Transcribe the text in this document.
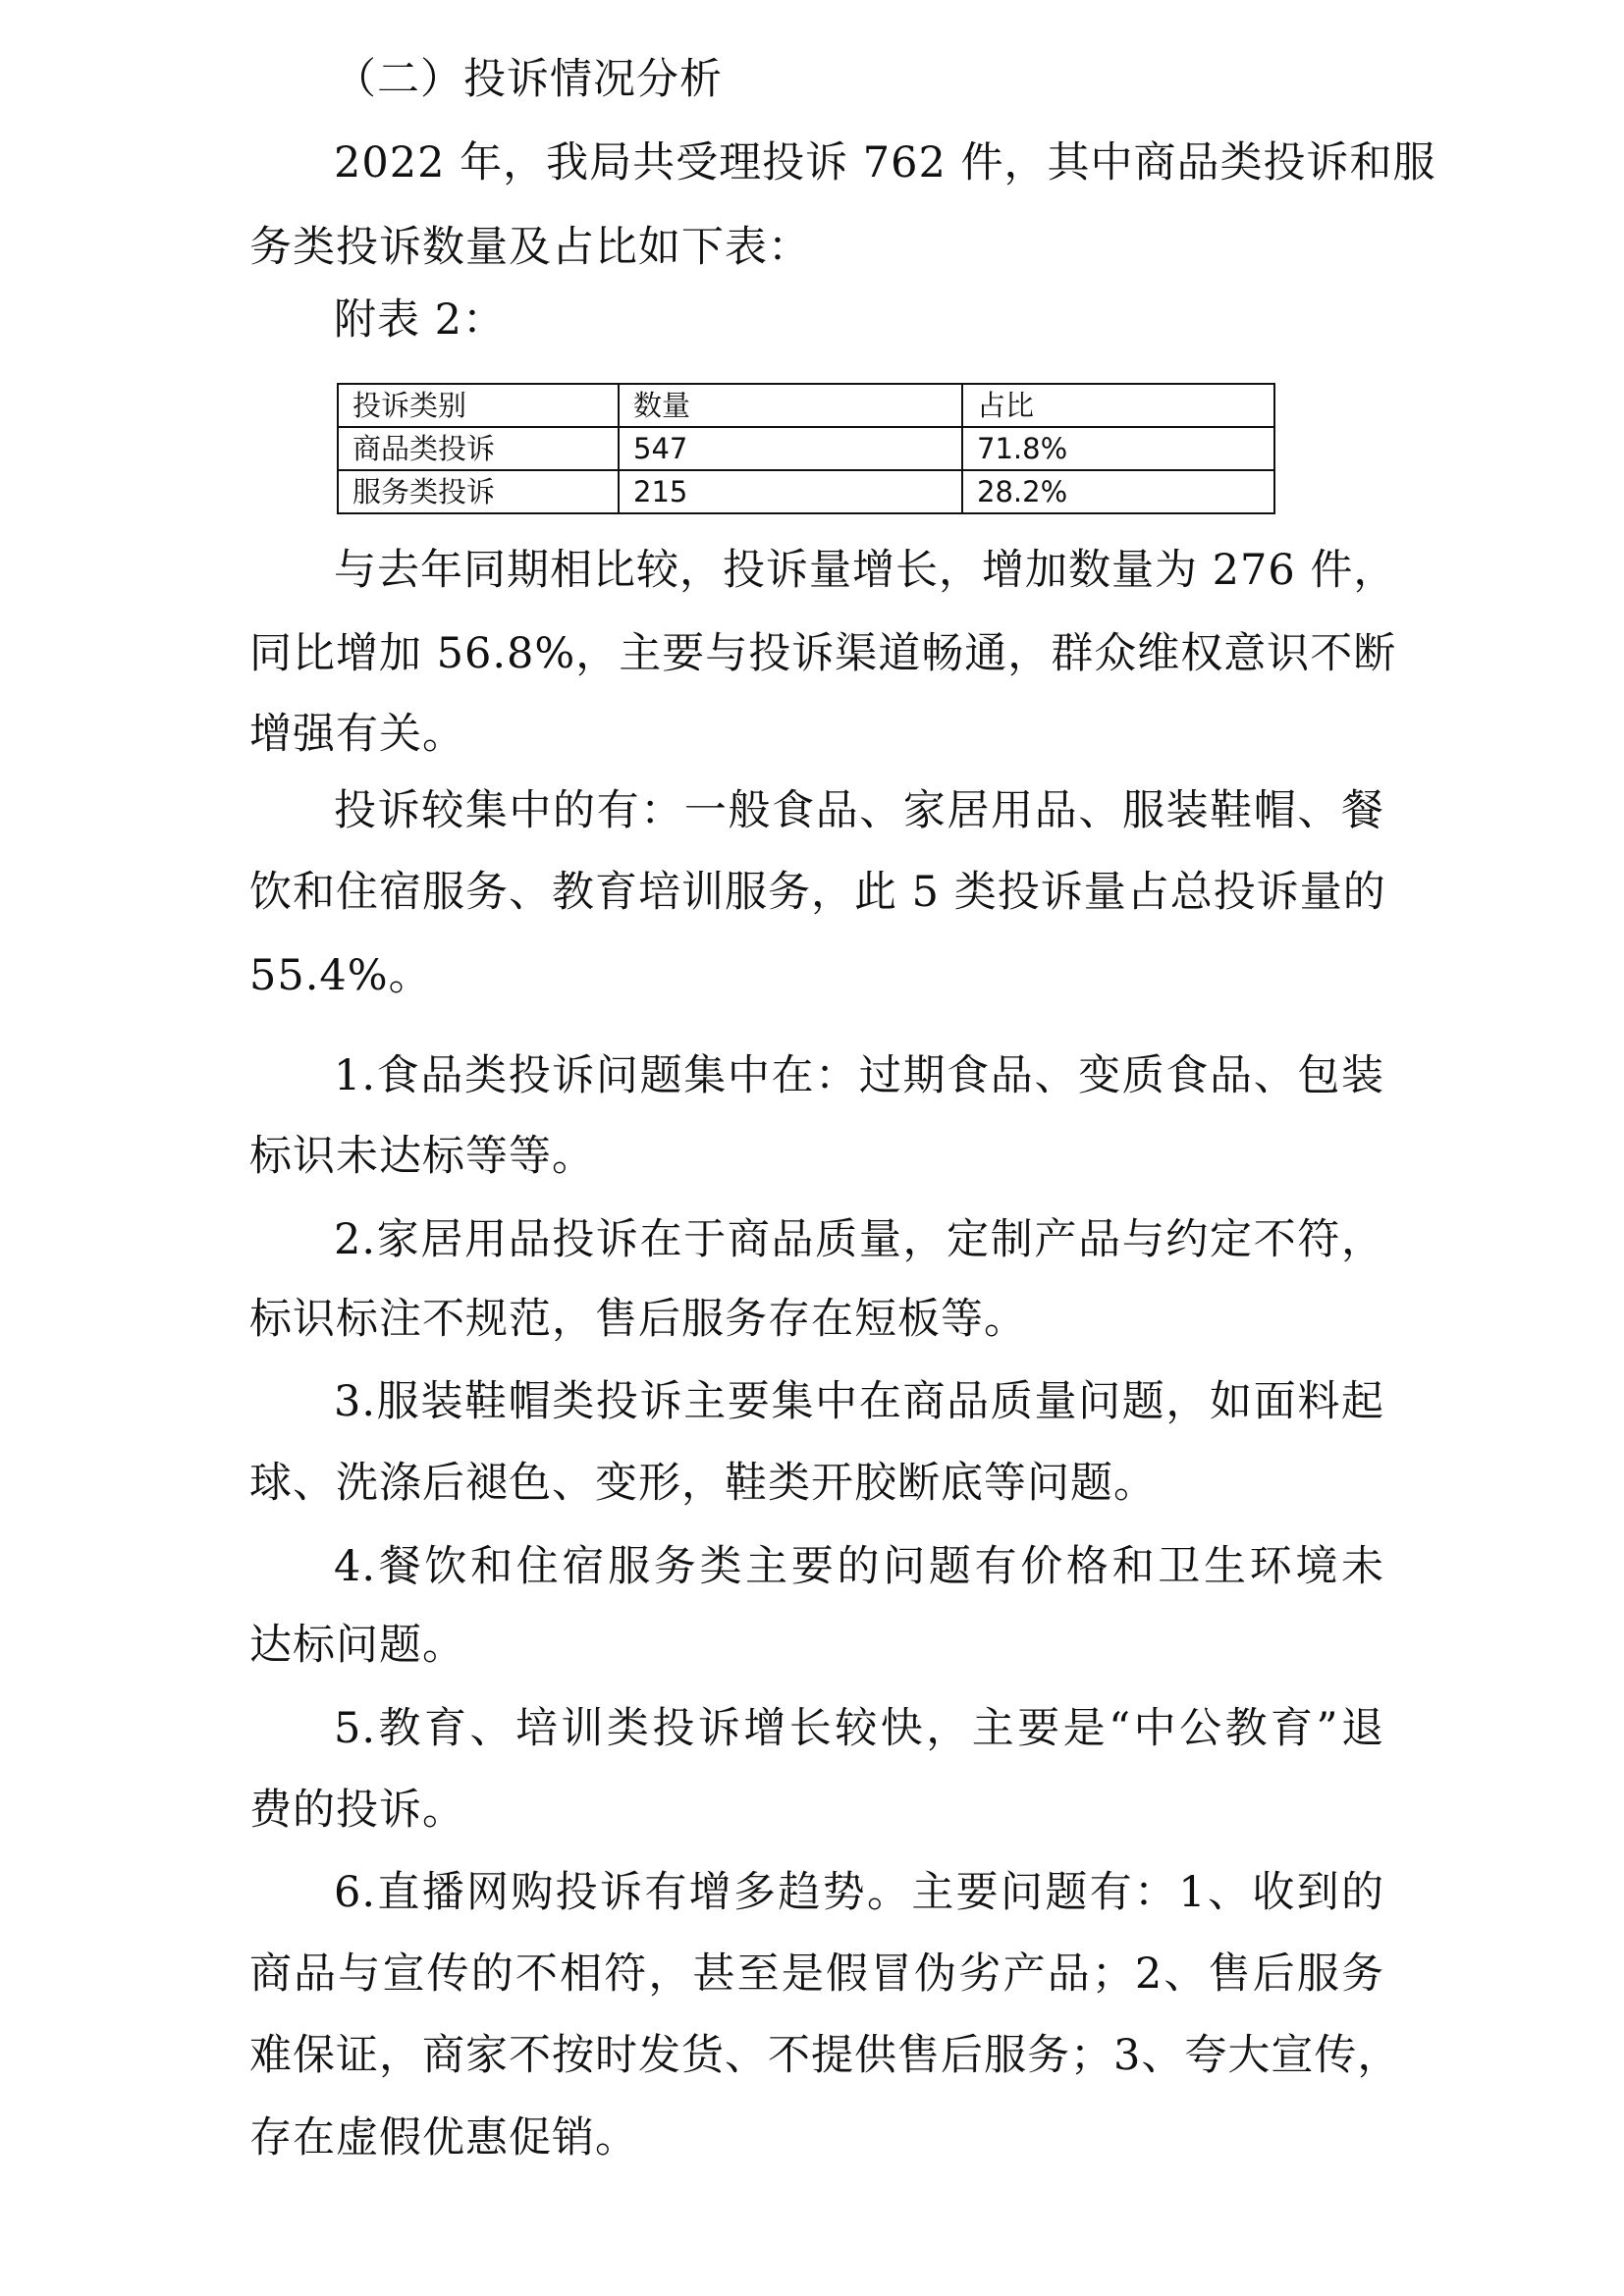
（二）投诉情况分析
2022 年，我局共受理投诉 762 件，其中商品类投诉和服
务类投诉数量及占比如下表：
附表 2：
投诉类别	数量	占比
商品类投诉	547	71.8%
服务类投诉	215	28.2%
与去年同期相比较，投诉量增长，增加数量为 276 件，
同比增加 56.8%，主要与投诉渠道畅通，群众维权意识不断
增强有关。
投诉较集中的有：一般食品、家居用品、服装鞋帽、餐
饮和住宿服务、教育培训服务，此 5 类投诉量占总投诉量的
55.4%。
1.食品类投诉问题集中在：过期食品、变质食品、包装
标识未达标等等。
2.家居用品投诉在于商品质量，定制产品与约定不符，
标识标注不规范，售后服务存在短板等。
3.服装鞋帽类投诉主要集中在商品质量问题，如面料起
球、洗涤后褪色、变形，鞋类开胶断底等问题。
4.餐饮和住宿服务类主要的问题有价格和卫生环境未
达标问题。
5.教育、培训类投诉增长较快，主要是“中公教育”退
费的投诉。
6.直播网购投诉有增多趋势。主要问题有：1、收到的
商品与宣传的不相符，甚至是假冒伪劣产品；2、售后服务
难保证，商家不按时发货、不提供售后服务；3、夸大宣传，
存在虚假优惠促销。
